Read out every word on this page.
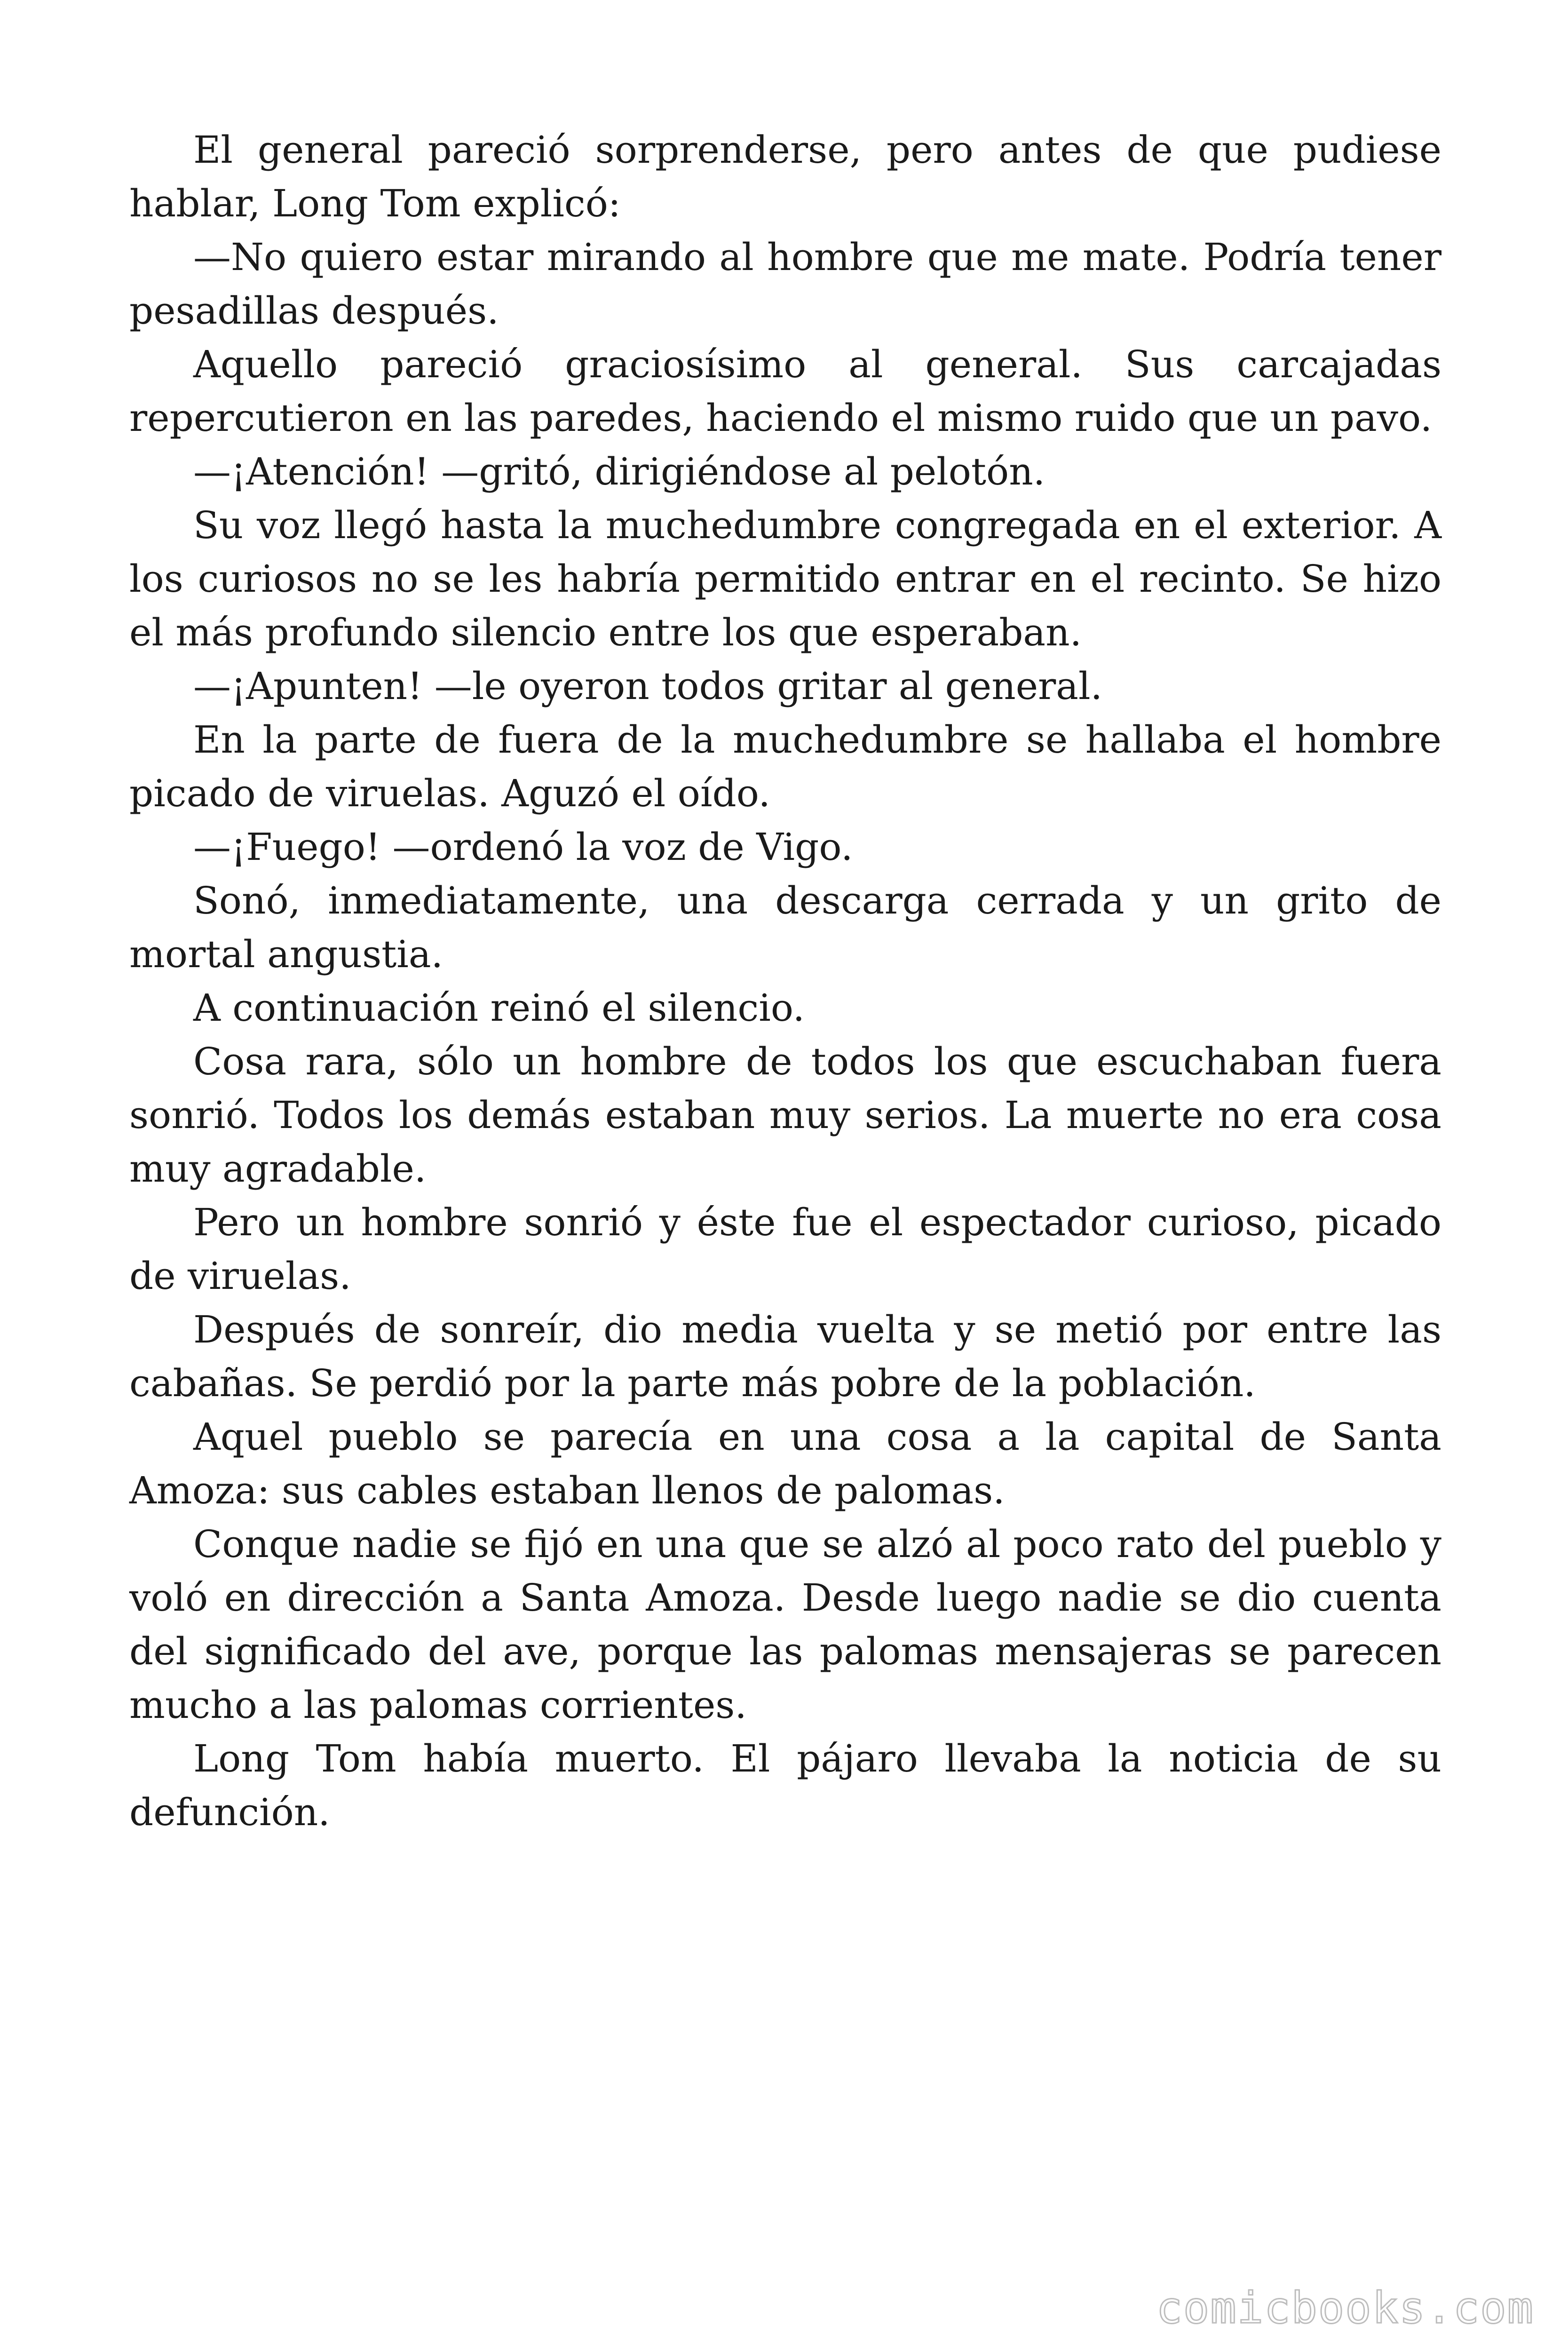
El general pareció sorprenderse, pero antes de que pudiese hablar, Long Tom explicó:

—No quiero estar mirando al hombre que me mate. Podría tener pesadillas después.

Aquello pareció graciosísimo al general. Sus carcajadas repercutieron en las paredes, haciendo el mismo ruido que un pavo.

—¡Atención! —gritó, dirigiéndose al pelotón.

Su voz llegó hasta la muchedumbre congregada en el exterior. A los curiosos no se les habría permitido entrar en el recinto. Se hizo el más profundo silencio entre los que esperaban.

—¡Apunten! —le oyeron todos gritar al general.

En la parte de fuera de la muchedumbre se hallaba el hombre picado de viruelas. Aguzó el oído.

—¡Fuego! —ordenó la voz de Vigo.

Sonó, inmediatamente, una descarga cerrada y un grito de mortal angustia.

A continuación reinó el silencio.

Cosa rara, sólo un hombre de todos los que escuchaban fuera sonrió. Todos los demás estaban muy serios. La muerte no era cosa muy agradable.

Pero un hombre sonrió y éste fue el espectador curioso, picado de viruelas.

Después de sonreír, dio media vuelta y se metió por entre las cabañas. Se perdió por la parte más pobre de la población.

Aquel pueblo se parecía en una cosa a la capital de Santa Amoza: sus cables estaban llenos de palomas.

Conque nadie se fijó en una que se alzó al poco rato del pueblo y voló en dirección a Santa Amoza. Desde luego nadie se dio cuenta del significado del ave, porque las palomas mensajeras se parecen mucho a las palomas corrientes.

Long Tom había muerto. El pájaro llevaba la noticia de su defunción.

comicbooks.com
